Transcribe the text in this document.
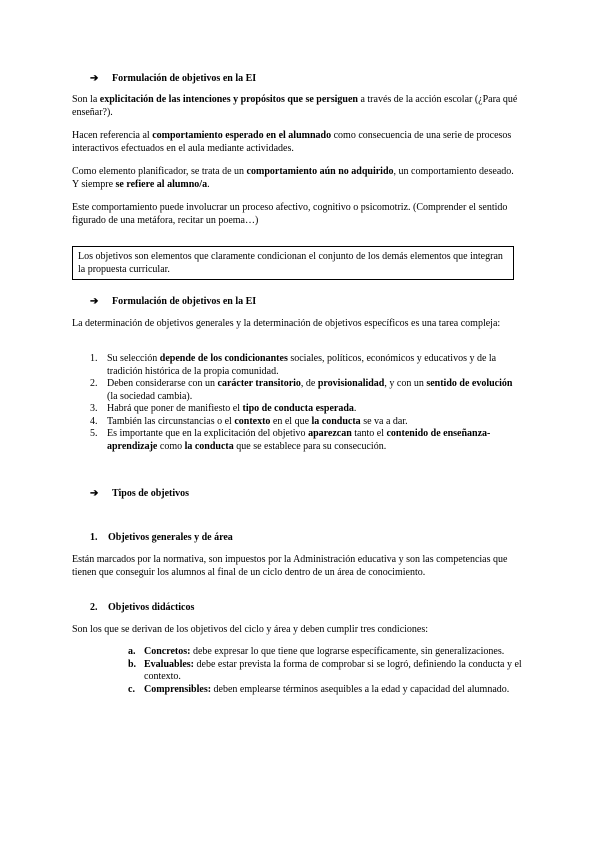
➔ Formulación de objetivos en la EI
Son la explicitación de las intenciones y propósitos que se persiguen a través de la acción escolar (¿Para qué enseñar?).
Hacen referencia al comportamiento esperado en el alumnado como consecuencia de una serie de procesos interactivos efectuados en el aula mediante actividades.
Como elemento planificador, se trata de un comportamiento aún no adquirido, un comportamiento deseado. Y siempre se refiere al alumno/a.
Este comportamiento puede involucrar un proceso afectivo, cognitivo o psicomotriz. (Comprender el sentido figurado de una metáfora, recitar un poema…)
Los objetivos son elementos que claramente condicionan el conjunto de los demás elementos que integran la propuesta curricular.
➔ Formulación de objetivos en la EI
La determinación de objetivos generales y la determinación de objetivos específicos es una tarea compleja:
1. Su selección depende de los condicionantes sociales, políticos, económicos y educativos y de la tradición histórica de la propia comunidad.
2. Deben considerarse con un carácter transitorio, de provisionalidad, y con un sentido de evolución (la sociedad cambia).
3. Habrá que poner de manifiesto el tipo de conducta esperada.
4. También las circunstancias o el contexto en el que la conducta se va a dar.
5. Es importante que en la explicitación del objetivo aparezcan tanto el contenido de enseñanza-aprendizaje como la conducta que se establece para su consecución.
➔ Tipos de objetivos
1. Objetivos generales y de área
Están marcados por la normativa, son impuestos por la Administración educativa y son las competencias que tienen que conseguir los alumnos al final de un ciclo dentro de un área de conocimiento.
2. Objetivos didácticos
Son los que se derivan de los objetivos del ciclo y área y deben cumplir tres condiciones:
a. Concretos: debe expresar lo que tiene que lograrse específicamente, sin generalizaciones.
b. Evaluables: debe estar prevista la forma de comprobar si se logró, definiendo la conducta y el contexto.
c. Comprensibles: deben emplearse términos asequibles a la edad y capacidad del alumnado.
